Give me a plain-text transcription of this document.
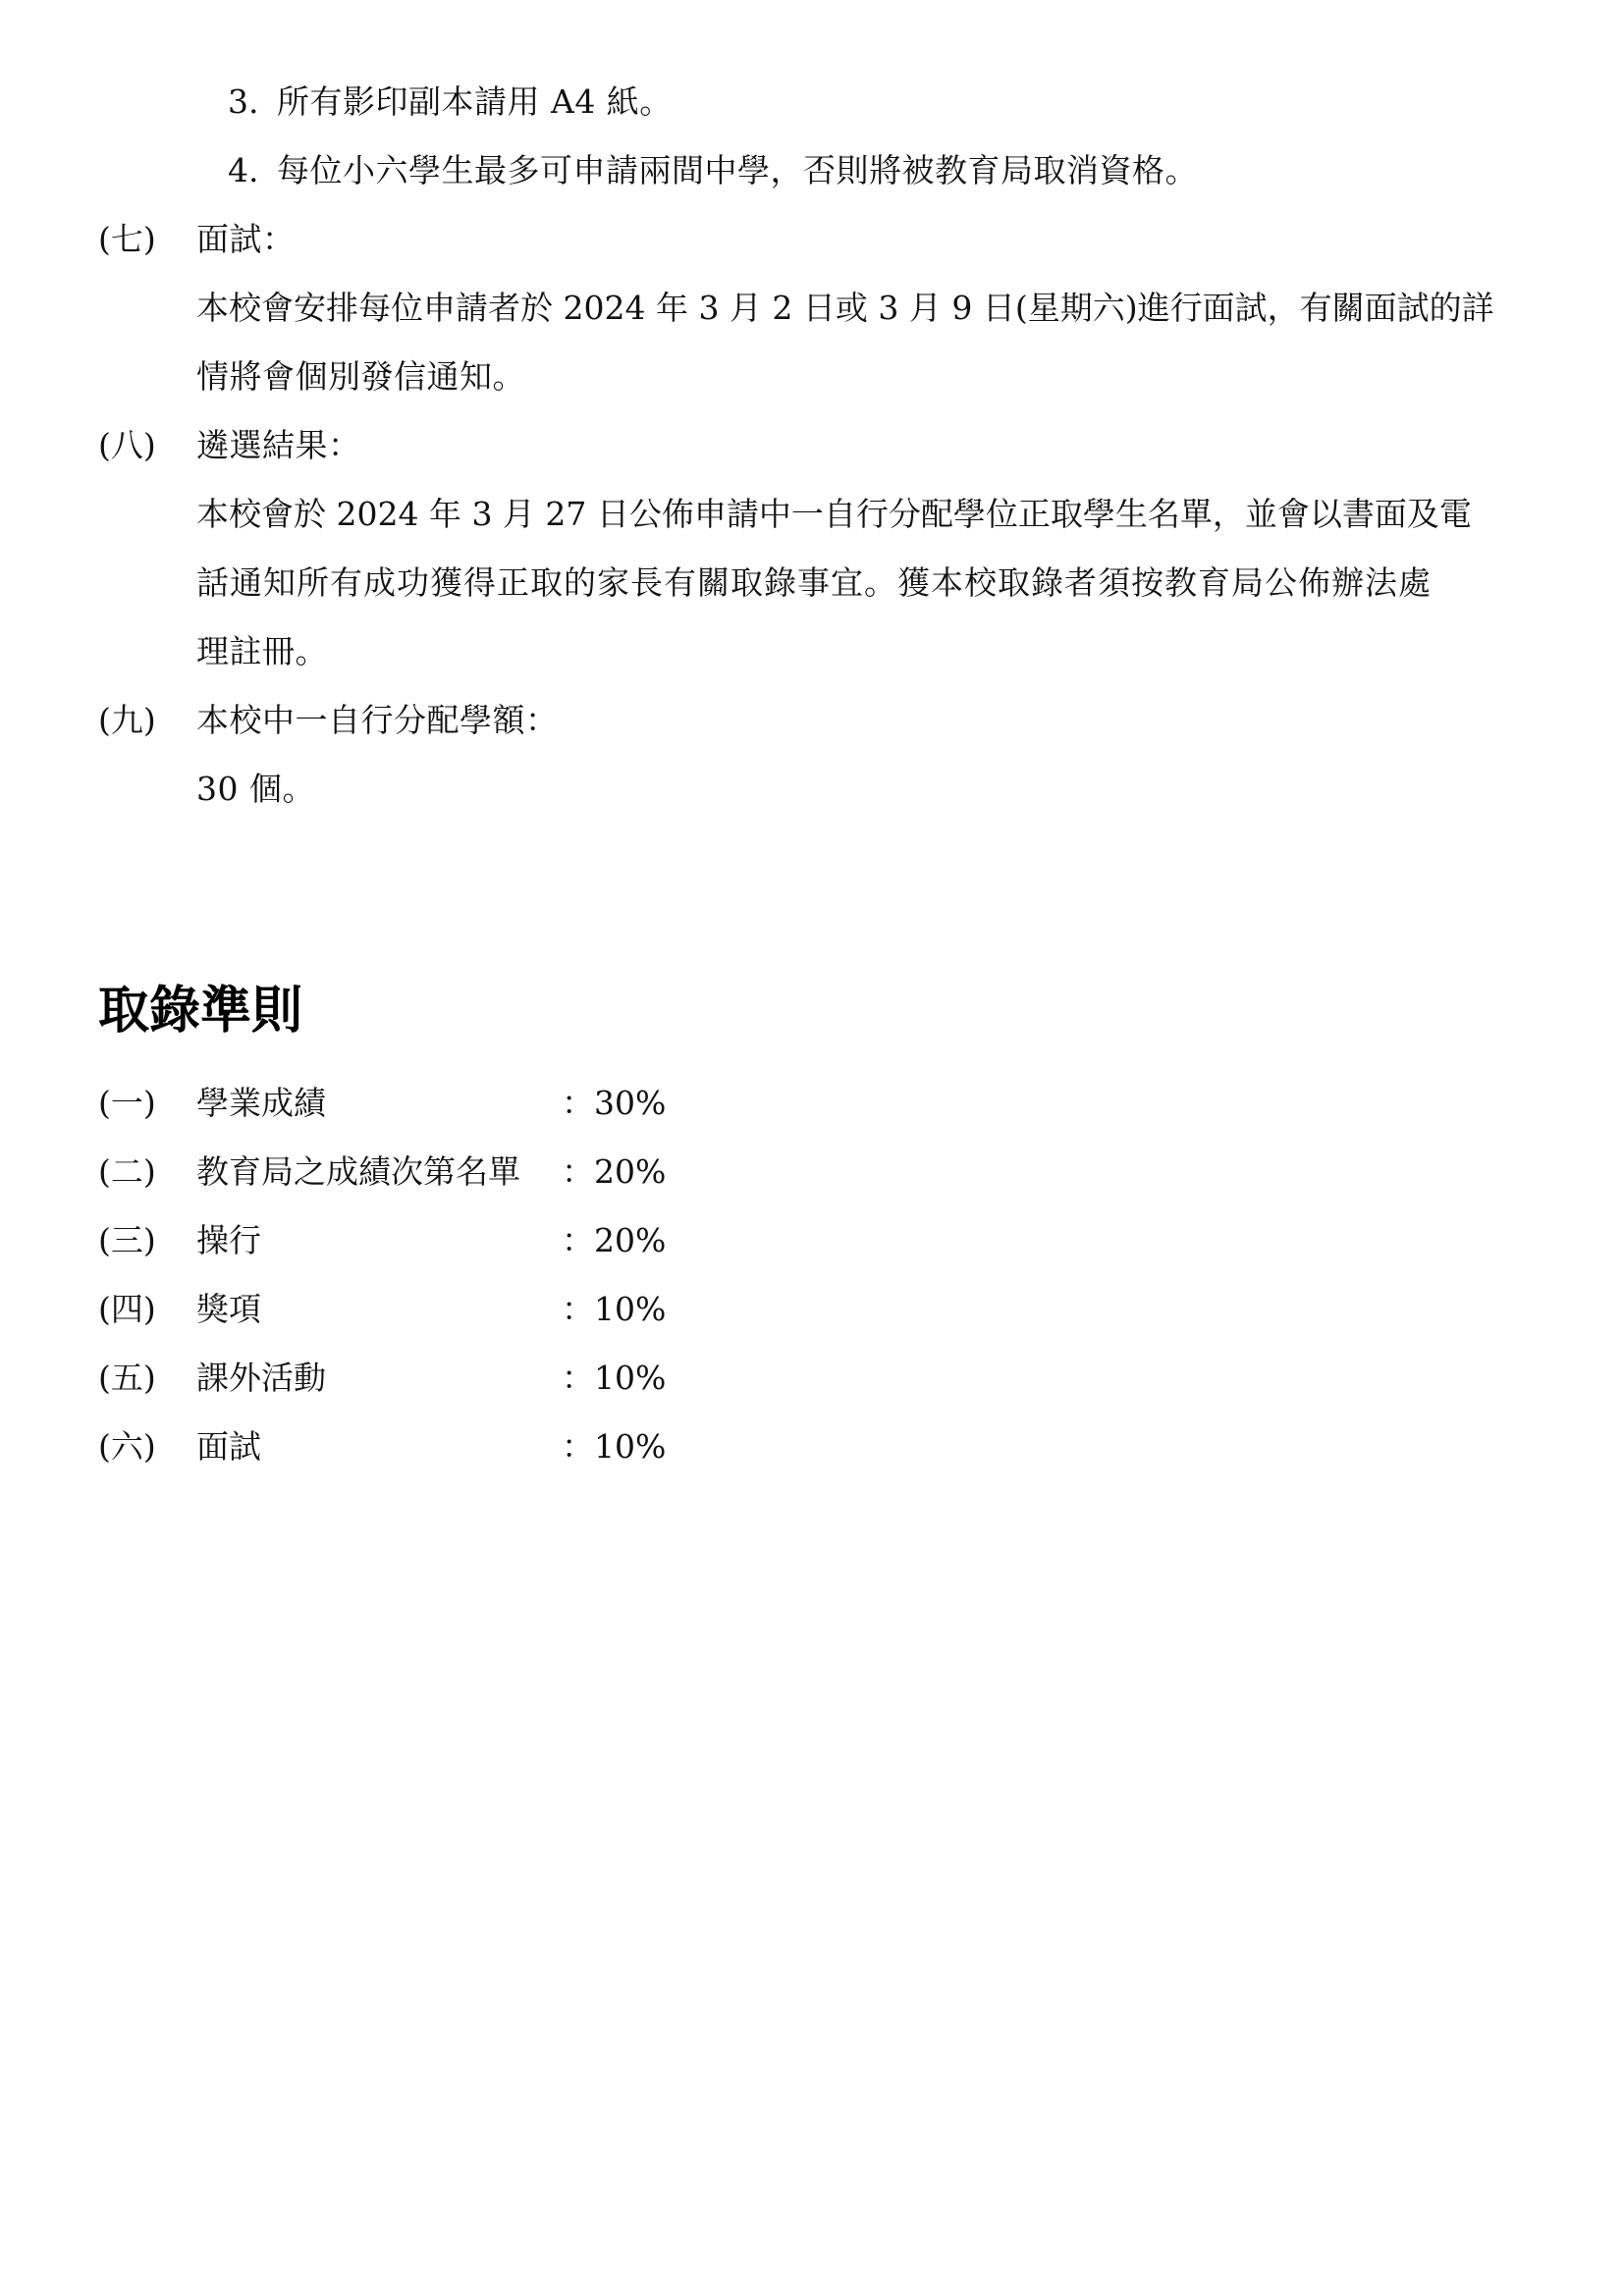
3. 所有影印副本請用 A4 紙。
4. 每位小六學生最多可申請兩間中學，否則將被教育局取消資格。
(七) 面試：
本校會安排每位申請者於 2024 年 3 月 2 日或 3 月 9 日(星期六)進行面試，有關面試的詳
情將會個別發信通知。
(八) 遴選結果：
本校會於 2024 年 3 月 27 日公佈申請中一自行分配學位正取學生名單，並會以書面及電
話通知所有成功獲得正取的家長有關取錄事宜。獲本校取錄者須按教育局公佈辦法處
理註冊。
(九) 本校中一自行分配學額：
30 個。
取錄準則
(一) 學業成績	：30%
(二) 教育局之成績次第名單 ：20%
(三) 操行	：20%
(四) 獎項	：10%
(五) 課外活動	：10%
(六) 面試	：10%
